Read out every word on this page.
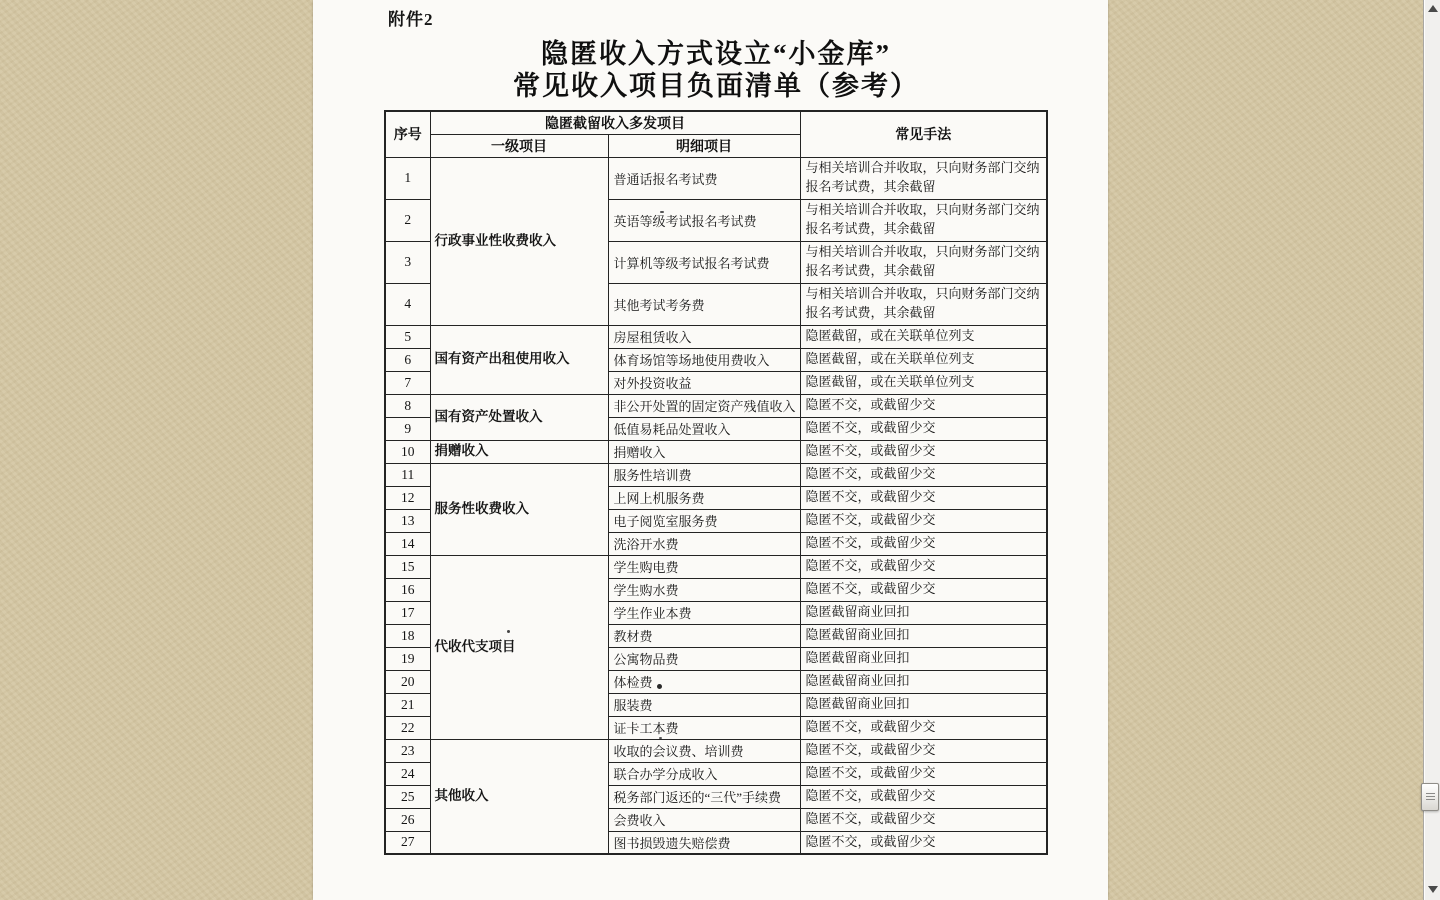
附件2
隐匿收入方式设立“小金库”
常见收入项目负面清单（参考）
序号	隐匿截留收入多发项目		常见手法
	一级项目	明细项目	
1	行政事业性收费收入	普通话报名考试费	与相关培训合并收取，只向财务部门交纳报名考试费，其余截留
2		英语等级考试报名考试费	与相关培训合并收取，只向财务部门交纳报名考试费，其余截留
3		计算机等级考试报名考试费	与相关培训合并收取，只向财务部门交纳报名考试费，其余截留
4		其他考试考务费	与相关培训合并收取，只向财务部门交纳报名考试费，其余截留
5	国有资产出租使用收入	房屋租赁收入	隐匿截留，或在关联单位列支
6		体育场馆等场地使用费收入	隐匿截留，或在关联单位列支
7		对外投资收益	隐匿截留，或在关联单位列支
8	国有资产处置收入	非公开处置的固定资产残值收入	隐匿不交，或截留少交
9		低值易耗品处置收入	隐匿不交，或截留少交
10	捐赠收入	捐赠收入	隐匿不交，或截留少交
11	服务性收费收入	服务性培训费	隐匿不交，或截留少交
12		上网上机服务费	隐匿不交，或截留少交
13		电子阅览室服务费	隐匿不交，或截留少交
14		洗浴开水费	隐匿不交，或截留少交
15	代收代支项目	学生购电费	隐匿不交，或截留少交
16		学生购水费	隐匿不交，或截留少交
17		学生作业本费	隐匿截留商业回扣
18		教材费	隐匿截留商业回扣
19		公寓物品费	隐匿截留商业回扣
20		体检费	隐匿截留商业回扣
21		服装费	隐匿截留商业回扣
22		证卡工本费	隐匿不交，或截留少交
23	其他收入	收取的会议费、培训费	隐匿不交，或截留少交
24		联合办学分成收入	隐匿不交，或截留少交
25		税务部门返还的“三代”手续费	隐匿不交，或截留少交
26		会费收入	隐匿不交，或截留少交
27		图书损毁遗失赔偿费	隐匿不交，或截留少交
